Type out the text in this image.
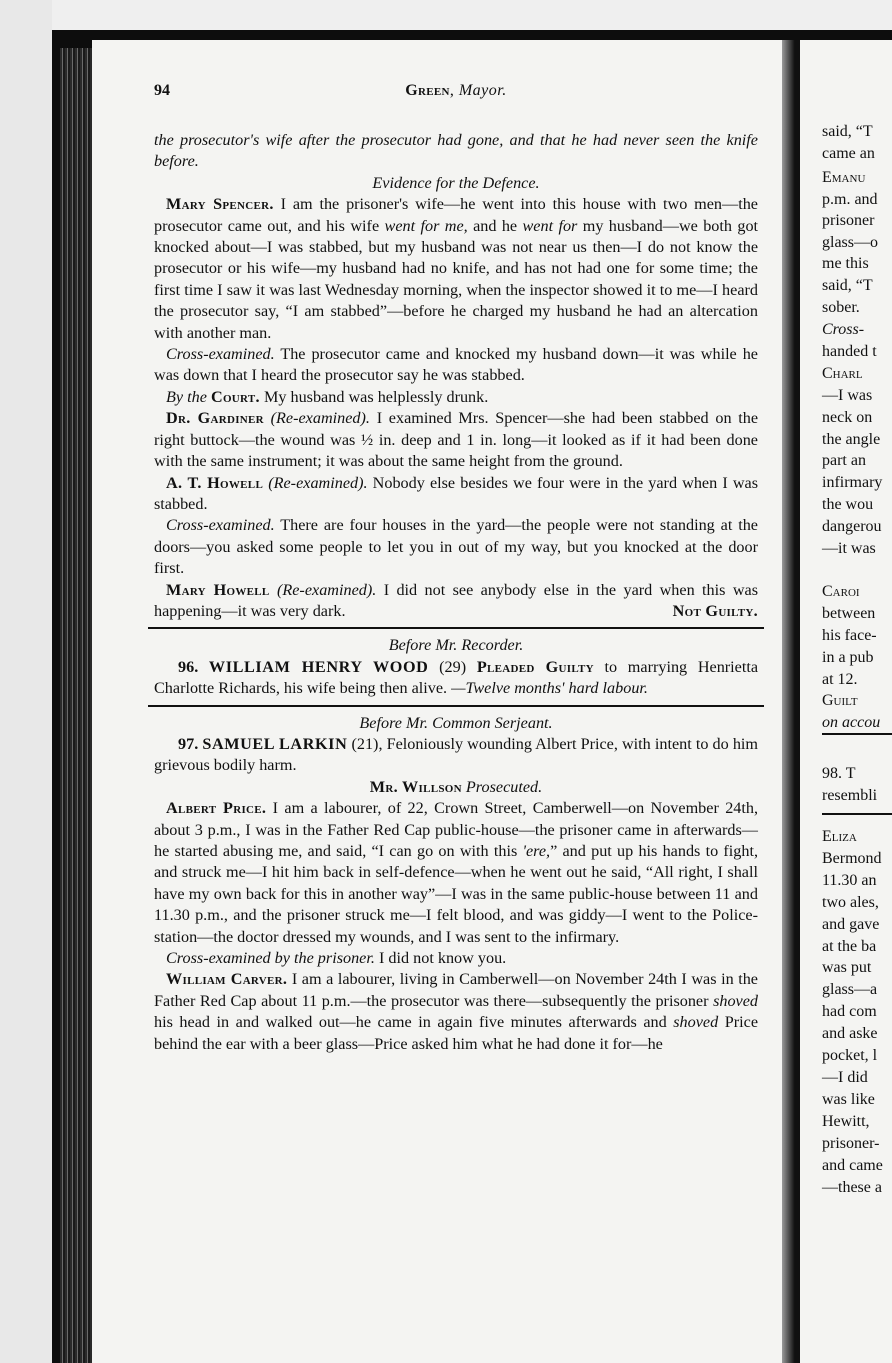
94	Green, Mayor.

the prosecutor's wife after the prosecutor had gone, and that he had never seen the knife before.

Evidence for the Defence.

Mary Spencer. I am the prisoner's wife—he went into this house with two men—the prosecutor came out, and his wife went for me, and he went for my husband—we both got knocked about—I was stabbed, but my husband was not near us then—I do not know the prosecutor or his wife—my husband had no knife, and has not had one for some time; the first time I saw it was last Wednesday morning, when the inspector showed it to me—I heard the prosecutor say, “I am stabbed”—before he charged my husband he had an altercation with another man.

Cross-examined. The prosecutor came and knocked my husband down—it was while he was down that I heard the prosecutor say he was stabbed.

By the Court. My husband was helplessly drunk.

Dr. Gardiner (Re-examined). I examined Mrs. Spencer—she had been stabbed on the right buttock—the wound was ½ in. deep and 1 in. long—it looked as if it had been done with the same instrument; it was about the same height from the ground.

A. T. Howell (Re-examined). Nobody else besides we four were in the yard when I was stabbed.

Cross-examined. There are four houses in the yard—the people were not standing at the doors—you asked some people to let you in out of my way, but you knocked at the door first.

Mary Howell (Re-examined). I did not see anybody else in the yard when this was happening—it was very dark.	Not Guilty.

Before Mr. Recorder.

96. WILLIAM HENRY WOOD (29) Pleaded Guilty to marrying Henrietta Charlotte Richards, his wife being then alive. —Twelve months' hard labour.

Before Mr. Common Serjeant.

97. SAMUEL LARKIN (21), Feloniously wounding Albert Price, with intent to do him grievous bodily harm.

Mr. Willson Prosecuted.

Albert Price. I am a labourer, of 22, Crown Street, Camberwell—on November 24th, about 3 p.m., I was in the Father Red Cap public-house—the prisoner came in afterwards—he started abusing me, and said, “I can go on with this 'ere,” and put up his hands to fight, and struck me—I hit him back in self-defence—when he went out he said, “All right, I shall have my own back for this in another way”—I was in the same public-house between 11 and 11.30 p.m., and the prisoner struck me—I felt blood, and was giddy—I went to the Police-station—the doctor dressed my wounds, and I was sent to the infirmary.

Cross-examined by the prisoner. I did not know you.

William Carver. I am a labourer, living in Camberwell—on November 24th I was in the Father Red Cap about 11 p.m.—the prosecutor was there—subsequently the prisoner shoved his head in and walked out—he came in again five minutes afterwards and shoved Price behind the ear with a beer glass—Price asked him what he had done it for—he

said, “T
came an
Emanu
p.m. and
prisoner
glass—o
me this
said, “T
sober.
Cross-
handed t
Charl
—I was
neck on
the angle
part an
infirmary
the wou
dangerou
—it was
Caroi
between
his face-
in a pub
at 12.
Guilt
on accou
98. T
resembli
Eliza
Bermond
11.30 an
two ales,
and gave
at the ba
was put
glass—a
had com
and aske
pocket, l
—I did
was like
Hewitt,
prisoner-
and came
—these a
